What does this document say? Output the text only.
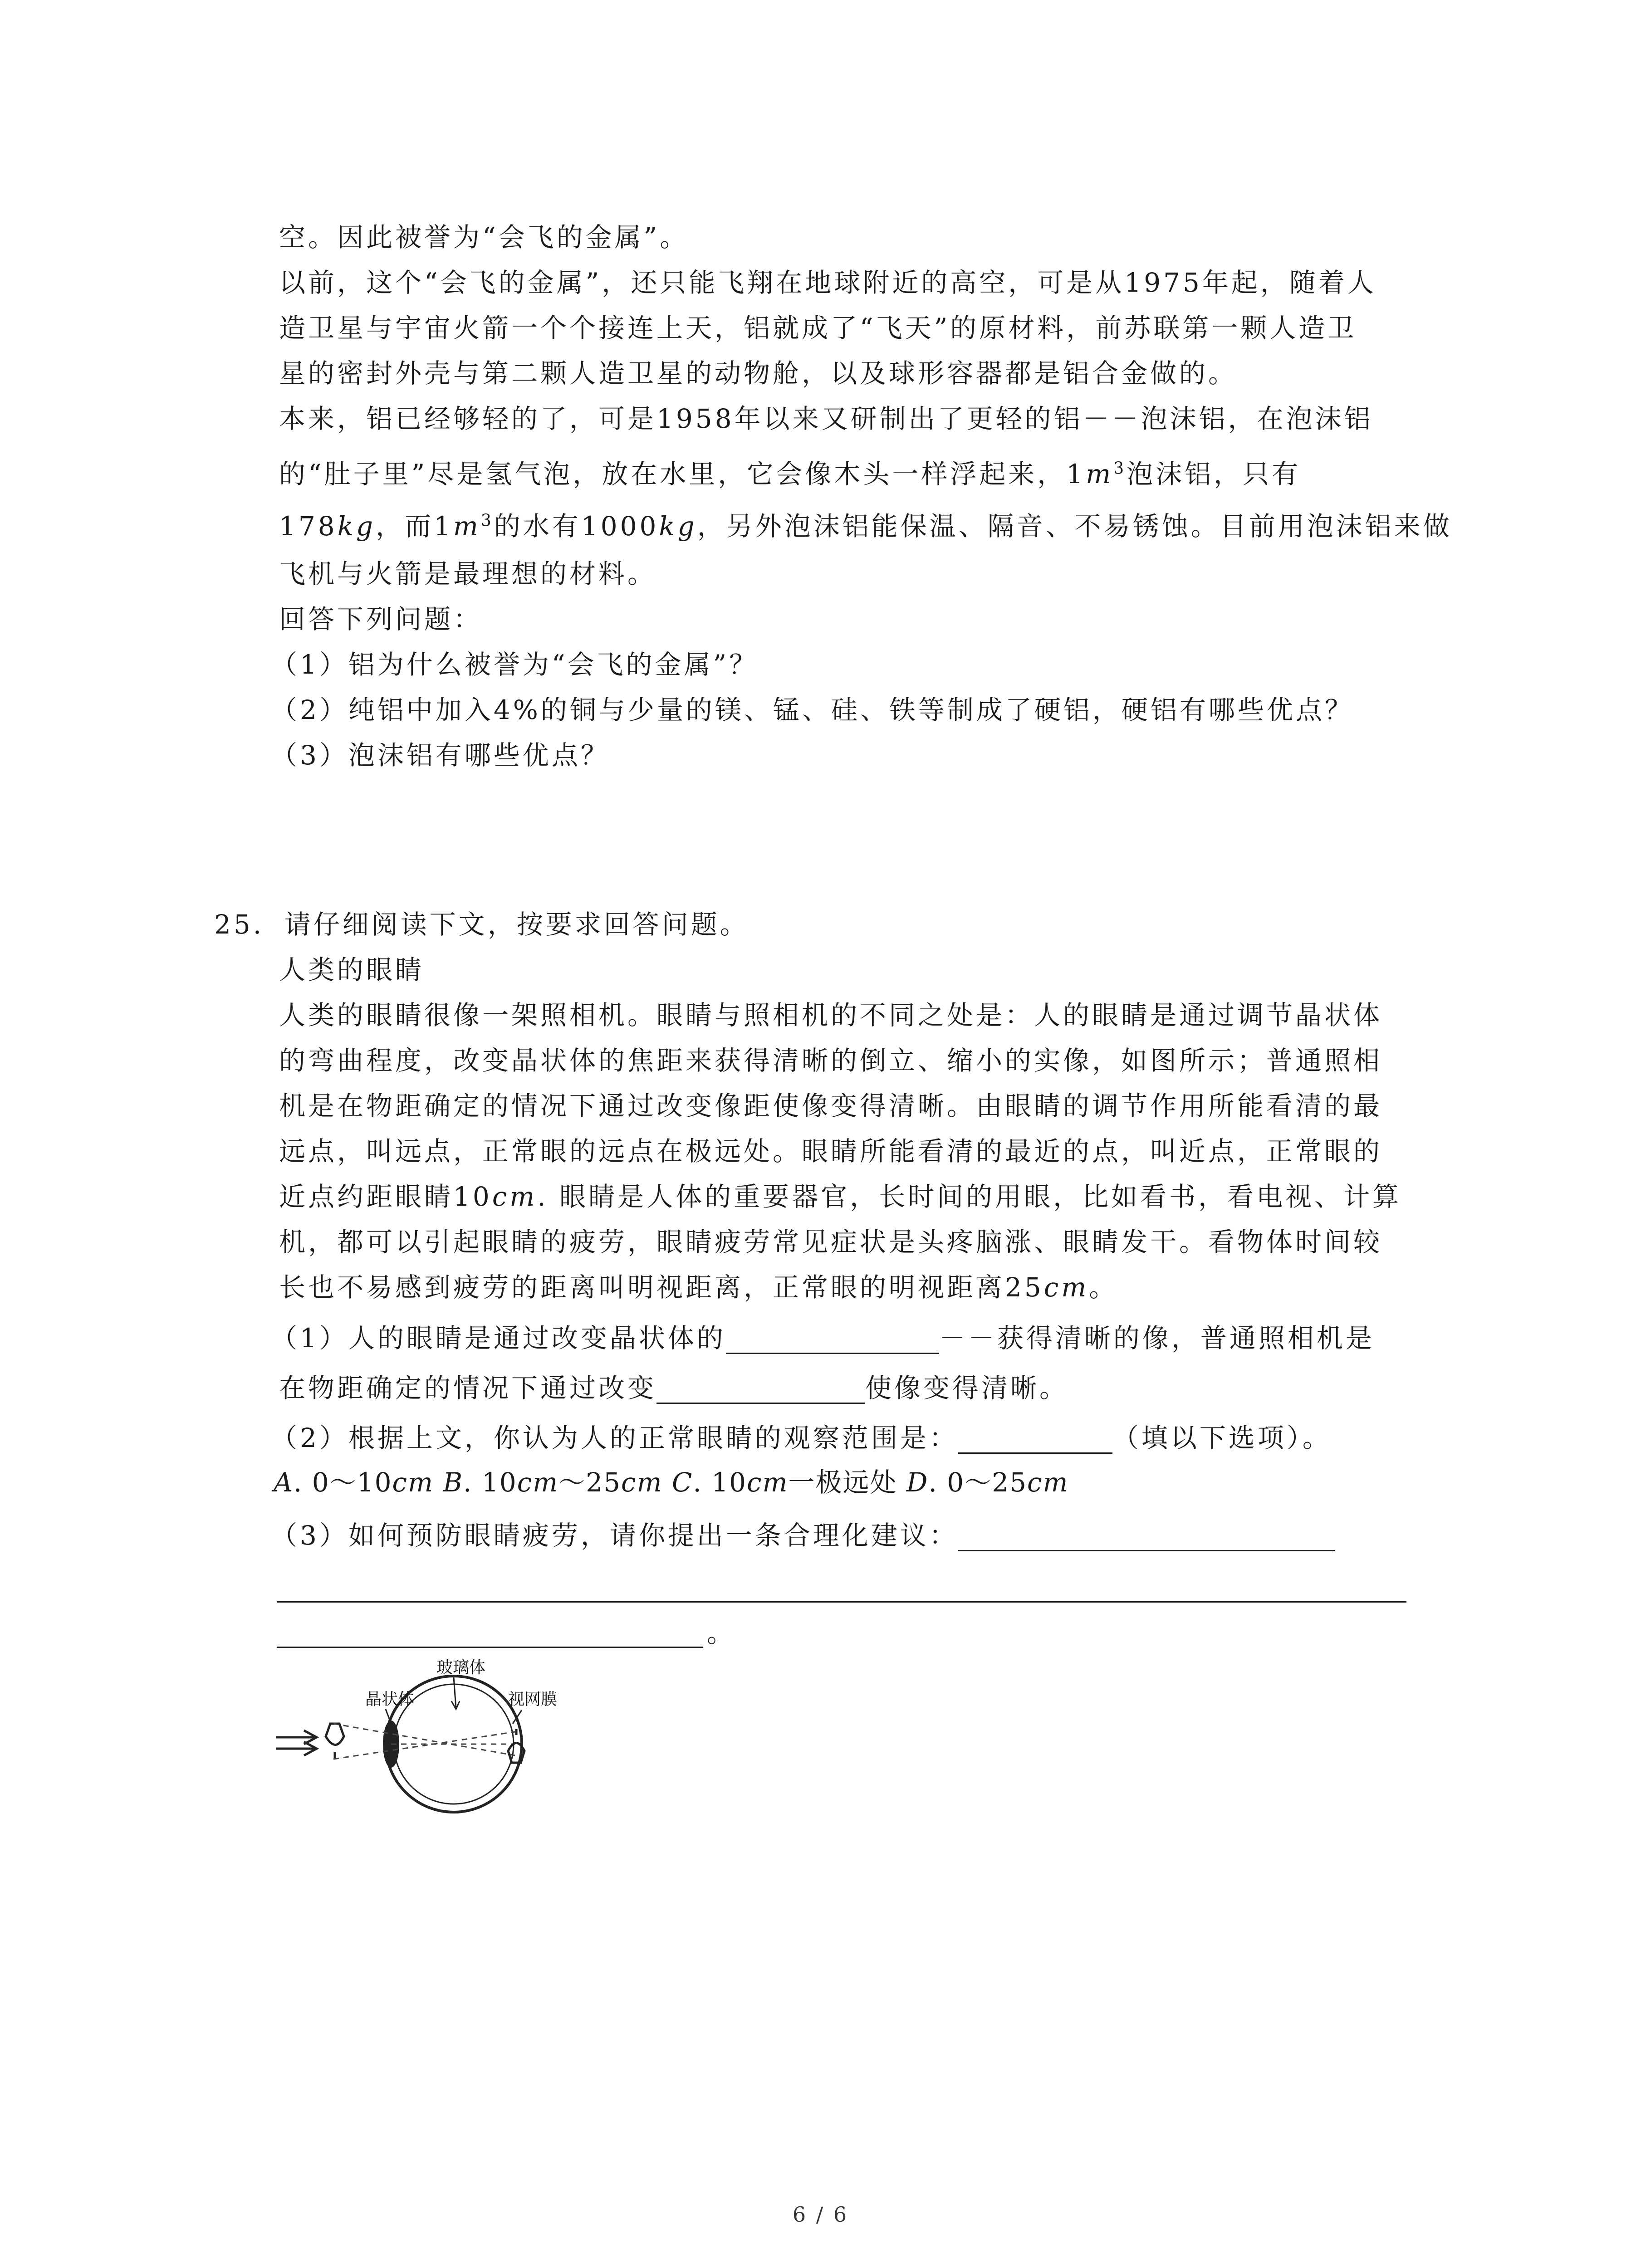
空。因此被誉为“会飞的金属”。
以前，这个“会飞的金属”，还只能飞翔在地球附近的高空，可是从1975年起，随着人
造卫星与宇宙火箭一个个接连上天，铝就成了“飞天”的原材料，前苏联第一颗人造卫
星的密封外壳与第二颗人造卫星的动物舱，以及球形容器都是铝合金做的。
本来，铝已经够轻的了，可是1958年以来又研制出了更轻的铝－－泡沫铝，在泡沫铝
的“肚子里”尽是氢气泡，放在水里，它会像木头一样浮起来，$1m^3$泡沫铝，只有
178kg，而$1m^3$的水有1000kg，另外泡沫铝能保温、隔音、不易锈蚀。目前用泡沫铝来做
飞机与火箭是最理想的材料。
回答下列问题：
（1）铝为什么被誉为“会飞的金属”？
（2）纯铝中加入4%的铜与少量的镁、锰、硅、铁等制成了硬铝，硬铝有哪些优点？
（3）泡沫铝有哪些优点？
25. 请仔细阅读下文，按要求回答问题。
人类的眼睛
人类的眼睛很像一架照相机。眼睛与照相机的不同之处是：人的眼睛是通过调节晶状体
的弯曲程度，改变晶状体的焦距来获得清晰的倒立、缩小的实像，如图所示；普通照相
机是在物距确定的情况下通过改变像距使像变得清晰。由眼睛的调节作用所能看清的最
远点，叫远点，正常眼的远点在极远处。眼睛所能看清的最近的点，叫近点，正常眼的
近点约距眼睛10cm. 眼睛是人体的重要器官，长时间的用眼，比如看书，看电视、计算
机，都可以引起眼睛的疲劳，眼睛疲劳常见症状是头疼脑涨、眼睛发干。看物体时间较
长也不易感到疲劳的距离叫明视距离，正常眼的明视距离25cm。
（1）人的眼睛是通过改变晶状体的	－－获得清晰的像，普通照相机是
在物距确定的情况下通过改变	使像变得清晰。
（2）根据上文，你认为人的正常眼睛的观察范围是：	（填以下选项）。
A. 0～10cm B. 10cm～25cm C. 10cm一极远处 D. 0～25cm
（3）如何预防眼睛疲劳，请你提出一条合理化建议：
。
玻璃体
晶状体	视网膜
6 / 6
